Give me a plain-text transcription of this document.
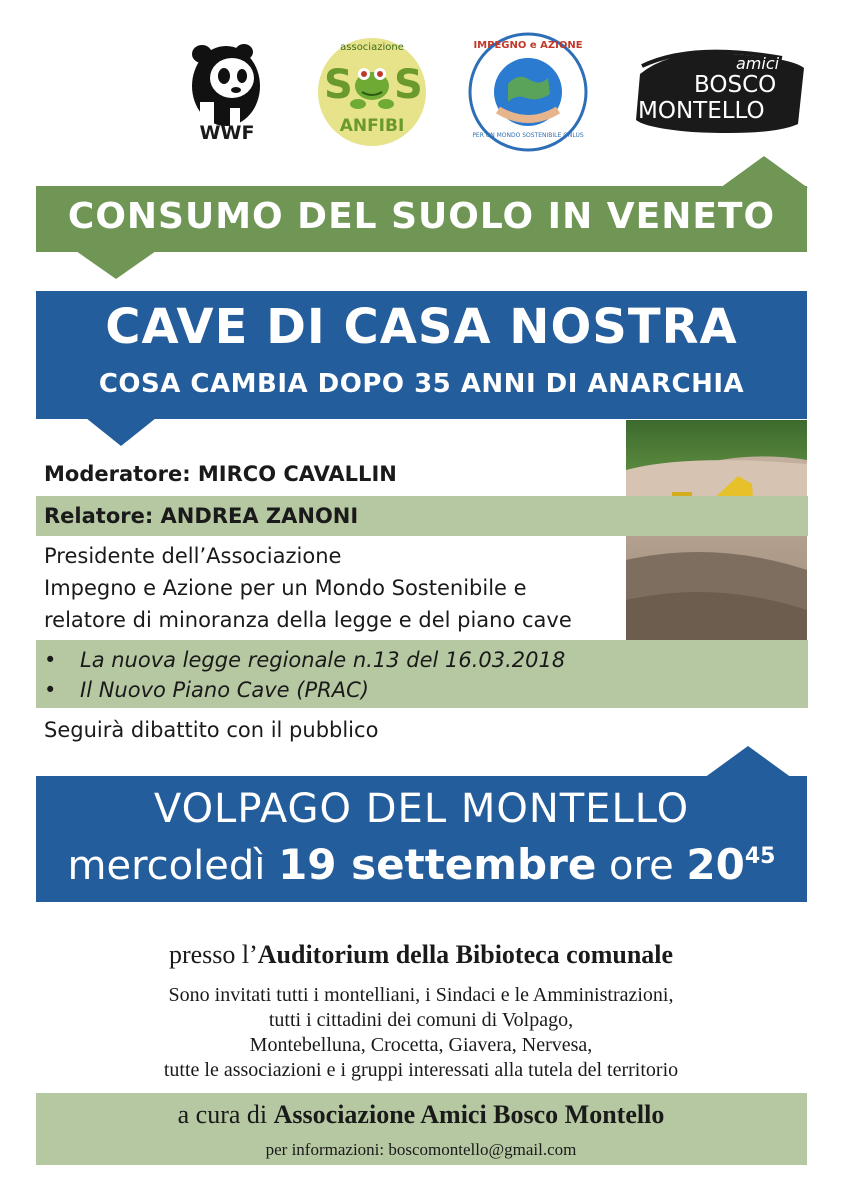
WWF
associazione
S S
ANFIBI
IMPEGNO e AZIONE
PER UN MONDO SOSTENIBILE ONLUS
amici
BOSCO
MONTELLO
CONSUMO DEL SUOLO IN VENETO
CAVE DI CASA NOSTRA
COSA CAMBIA DOPO 35 ANNI DI ANARCHIA
Moderatore: MIRCO CAVALLIN
Relatore: ANDREA ZANONI
Presidente dell’Associazione
Impegno e Azione per un Mondo Sostenibile e
relatore di minoranza della legge e del piano cave
• La nuova legge regionale n.13 del 16.03.2018
• Il Nuovo Piano Cave (PRAC)
Seguirà dibattito con il pubblico
VOLPAGO DEL MONTELLO
mercoledì 19 settembre ore $20^{45}$
presso l’Auditorium della Bibioteca comunale
Sono invitati tutti i montelliani, i Sindaci e le Amministrazioni,
tutti i cittadini dei comuni di Volpago,
Montebelluna, Crocetta, Giavera, Nervesa,
tutte le associazioni e i gruppi interessati alla tutela del territorio
a cura di Associazione Amici Bosco Montello
per informazioni: boscomontello@gmail.com
